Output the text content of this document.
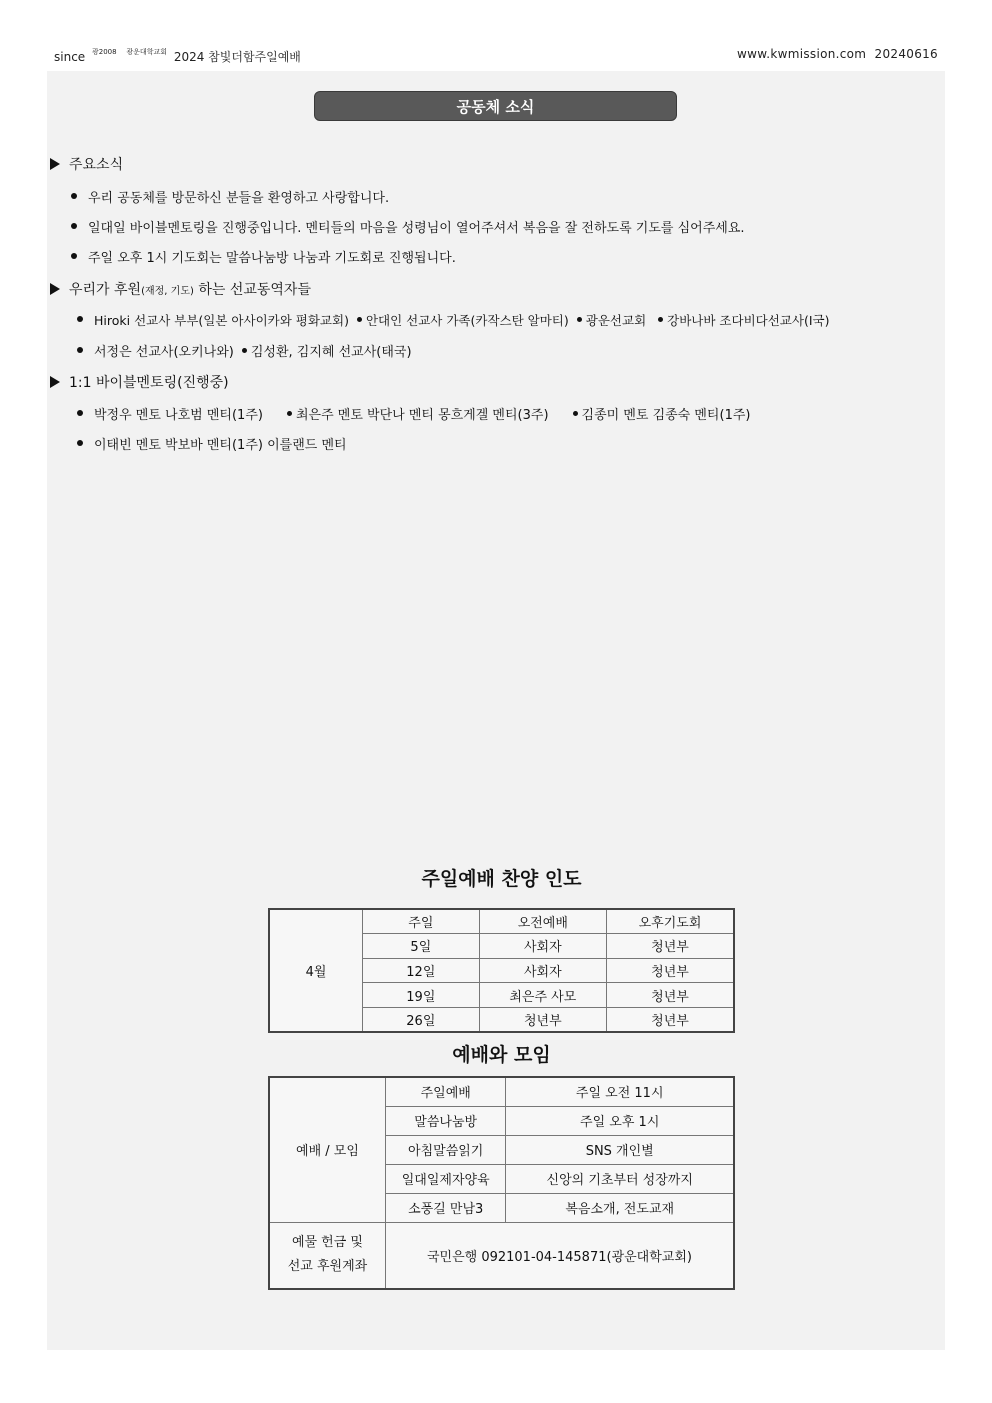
since $^{광2008}$ $^{광운대학교회}$ 2024 참빛더함주일예배	www.kwmission.com 20240616
공동체 소식
주요소식
우리 공동체를 방문하신 분들을 환영하고 사랑합니다.
일대일 바이블멘토링을 진행중입니다. 멘티들의 마음을 성령님이 열어주셔서 복음을 잘 전하도록 기도를 심어주세요.
주일 오후 1시 기도회는 말씀나눔방 나눔과 기도회로 진행됩니다.
우리가 후원(재정, 기도) 하는 선교동역자들
Hiroki 선교사 부부(일본 아사이카와 평화교회) 안대인 선교사 가족(카작스탄 알마티) 광운선교회 강바나바 조다비다선교사(I국)
서정은 선교사(오키나와) 김성환, 김지혜 선교사(태국)
1:1 바이블멘토링(진행중)
박정우 멘토 나호범 멘티(1주)	최은주 멘토 박단나 멘티 몽흐게겔 멘티(3주)	김종미 멘토 김종숙 멘티(1주)
이태빈 멘토 박보바 멘티(1주) 이를랜드 멘티
주일예배 찬양 인도
4월	주일	오전예배	오후기도회
	5일	사회자	청년부
	12일	사회자	청년부
	19일	최은주 사모	청년부
	26일	청년부	청년부
예배와 모임
예배 / 모임	주일예배	주일 오전 11시
	말씀나눔방	주일 오후 1시
	아침말씀읽기	SNS 개인별
	일대일제자양육	신앙의 기초부터 성장까지
	소풍길 만남3	복음소개, 전도교재
예물 헌금 및
선교 후원계좌	국민은행 092101-04-145871(광운대학교회)	
